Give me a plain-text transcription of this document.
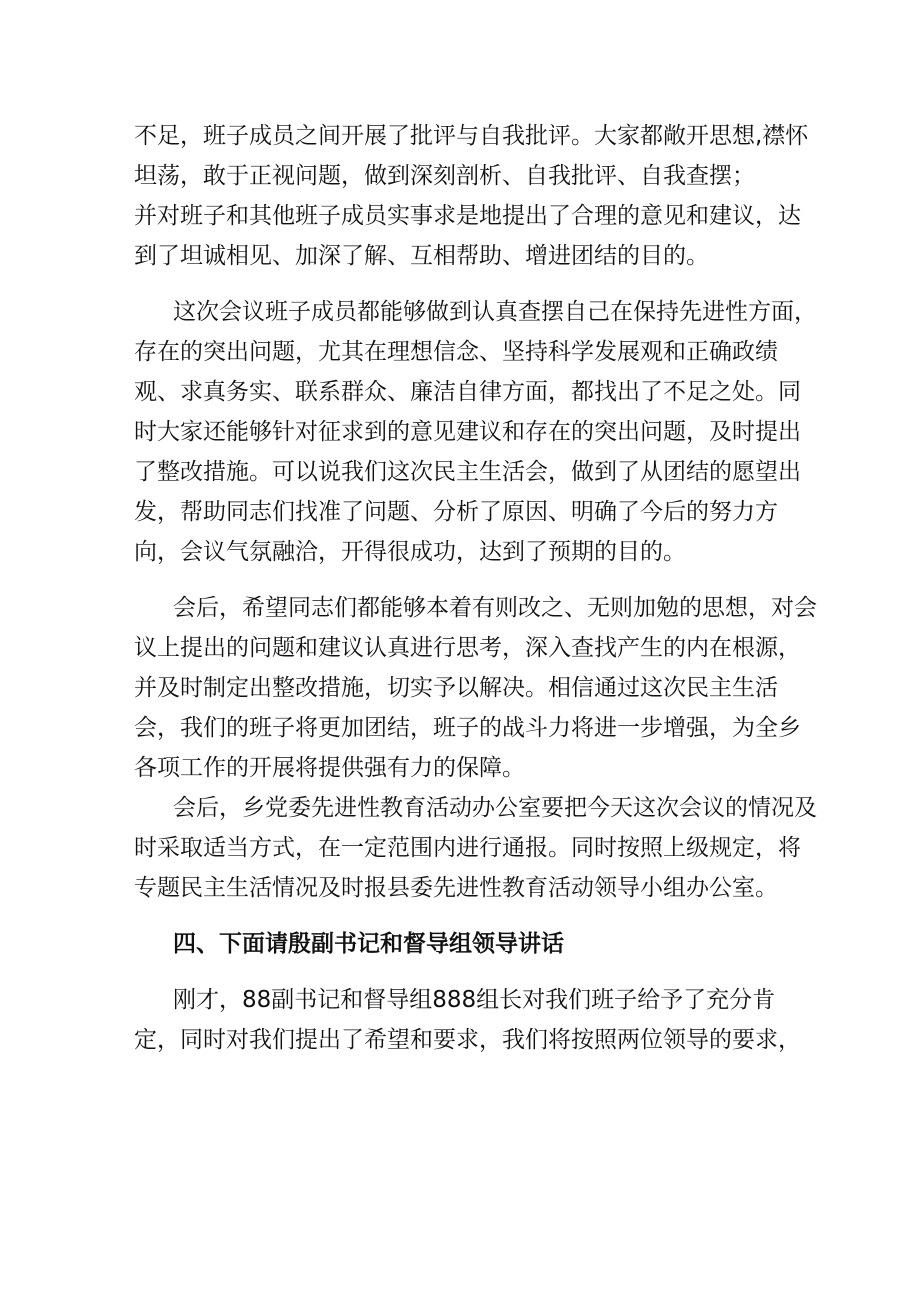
不足，班子成员之间开展了批评与自我批评。大家都敞开思想,襟怀
坦荡，敢于正视问题，做到深刻剖析、自我批评、自我查摆；
并对班子和其他班子成员实事求是地提出了合理的意见和建议，达
到了坦诚相见、加深了解、互相帮助、增进团结的目的。

这次会议班子成员都能够做到认真查摆自己在保持先进性方面，
存在的突出问题，尤其在理想信念、坚持科学发展观和正确政绩
观、求真务实、联系群众、廉洁自律方面，都找出了不足之处。同
时大家还能够针对征求到的意见建议和存在的突出问题，及时提出
了整改措施。可以说我们这次民主生活会，做到了从团结的愿望出
发，帮助同志们找准了问题、分析了原因、明确了今后的努力方
向，会议气氛融洽，开得很成功，达到了预期的目的。

会后，希望同志们都能够本着有则改之、无则加勉的思想，对会
议上提出的问题和建议认真进行思考，深入查找产生的内在根源，
并及时制定出整改措施，切实予以解决。相信通过这次民主生活
会，我们的班子将更加团结，班子的战斗力将进一步增强，为全乡
各项工作的开展将提供强有力的保障。

会后，乡党委先进性教育活动办公室要把今天这次会议的情况及
时采取适当方式，在一定范围内进行通报。同时按照上级规定，将
专题民主生活情况及时报县委先进性教育活动领导小组办公室。

四、下面请殷副书记和督导组领导讲话

刚才，88副书记和督导组888组长对我们班子给予了充分肯
定，同时对我们提出了希望和要求，我们将按照两位领导的要求，
